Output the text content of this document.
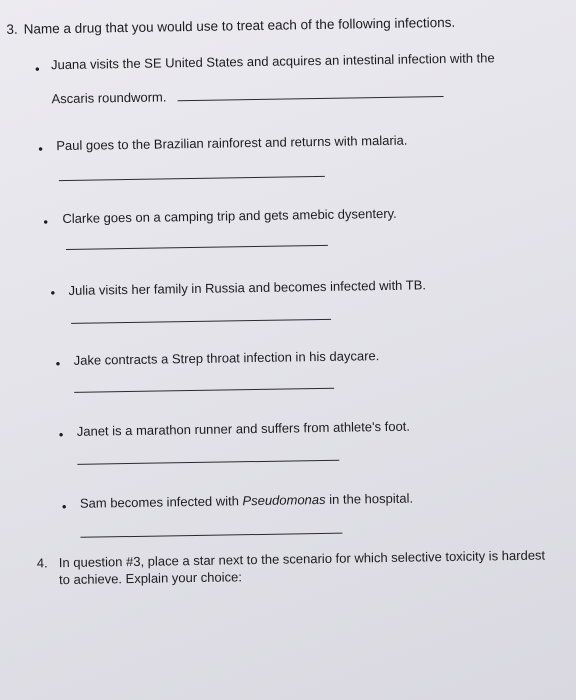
3. Name a drug that you would use to treat each of the following infections.
• Juana visits the SE United States and acquires an intestinal infection with the
Ascaris roundworm.
• Paul goes to the Brazilian rainforest and returns with malaria.
• Clarke goes on a camping trip and gets amebic dysentery.
• Julia visits her family in Russia and becomes infected with TB.
• Jake contracts a Strep throat infection in his daycare.
• Janet is a marathon runner and suffers from athlete's foot.
• Sam becomes infected with Pseudomonas in the hospital.
4. In question #3, place a star next to the scenario for which selective toxicity is hardest to achieve. Explain your choice:
